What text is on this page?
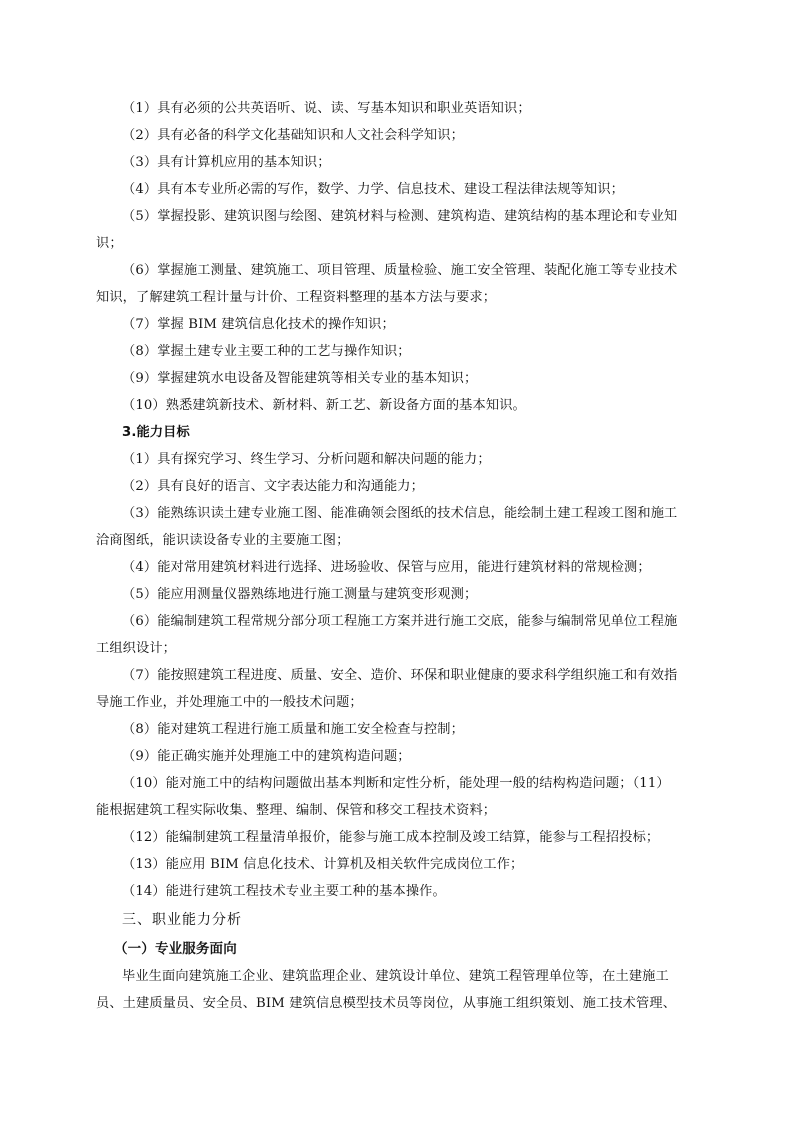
（1）具有必须的公共英语听、说、读、写基本知识和职业英语知识；
（2）具有必备的科学文化基础知识和人文社会科学知识；
（3）具有计算机应用的基本知识；
（4）具有本专业所必需的写作，数学、力学、信息技术、建设工程法律法规等知识；
（5）掌握投影、建筑识图与绘图、建筑材料与检测、建筑构造、建筑结构的基本理论和专业知
识；
（6）掌握施工测量、建筑施工、项目管理、质量检验、施工安全管理、装配化施工等专业技术
知识，了解建筑工程计量与计价、工程资料整理的基本方法与要求；
（7）掌握 BIM 建筑信息化技术的操作知识；
（8）掌握土建专业主要工种的工艺与操作知识；
（9）掌握建筑水电设备及智能建筑等相关专业的基本知识；
（10）熟悉建筑新技术、新材料、新工艺、新设备方面的基本知识。
3.能力目标
（1）具有探究学习、终生学习、分析问题和解决问题的能力；
（2）具有良好的语言、文字表达能力和沟通能力；
（3）能熟练识读土建专业施工图、能准确领会图纸的技术信息，能绘制土建工程竣工图和施工
洽商图纸，能识读设备专业的主要施工图；
（4）能对常用建筑材料进行选择、进场验收、保管与应用，能进行建筑材料的常规检测；
（5）能应用测量仪器熟练地进行施工测量与建筑变形观测；
（6）能编制建筑工程常规分部分项工程施工方案并进行施工交底，能参与编制常见单位工程施
工组织设计；
（7）能按照建筑工程进度、质量、安全、造价、环保和职业健康的要求科学组织施工和有效指
导施工作业，并处理施工中的一般技术问题；
（8）能对建筑工程进行施工质量和施工安全检查与控制；
（9）能正确实施并处理施工中的建筑构造问题；
（10）能对施工中的结构问题做出基本判断和定性分析，能处理一般的结构构造问题；（11）
能根据建筑工程实际收集、整理、编制、保管和移交工程技术资料；
（12）能编制建筑工程量清单报价，能参与施工成本控制及竣工结算，能参与工程招投标；
（13）能应用 BIM 信息化技术、计算机及相关软件完成岗位工作；
（14）能进行建筑工程技术专业主要工种的基本操作。
三、职业能力分析
（一）专业服务面向
毕业生面向建筑施工企业、建筑监理企业、建筑设计单位、建筑工程管理单位等，在土建施工
员、土建质量员、安全员、BIM 建筑信息模型技术员等岗位，从事施工组织策划、施工技术管理、
